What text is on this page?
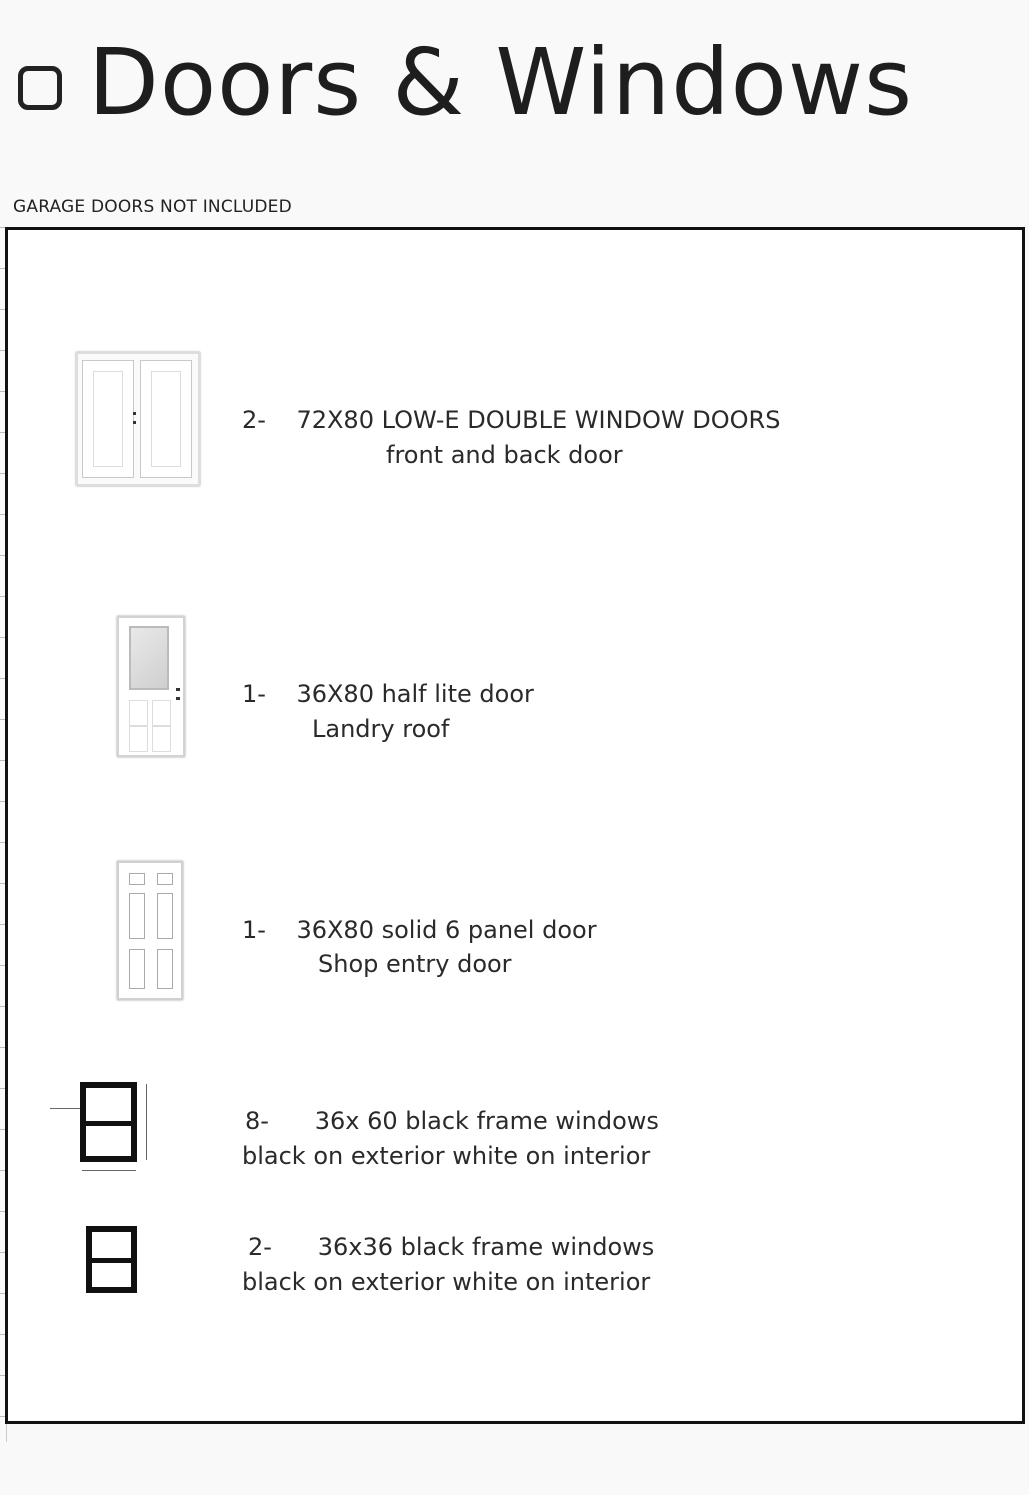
Doors & Windows
GARAGE DOORS NOT INCLUDED
2-    72X80 LOW-E DOUBLE WINDOW DOORS
front and back door
1-    36X80 half lite door
Landry roof
1-    36X80 solid 6 panel door
Shop entry door
8-      36x 60 black frame windows
black on exterior white on interior
2-      36x36 black frame windows
black on exterior white on interior
